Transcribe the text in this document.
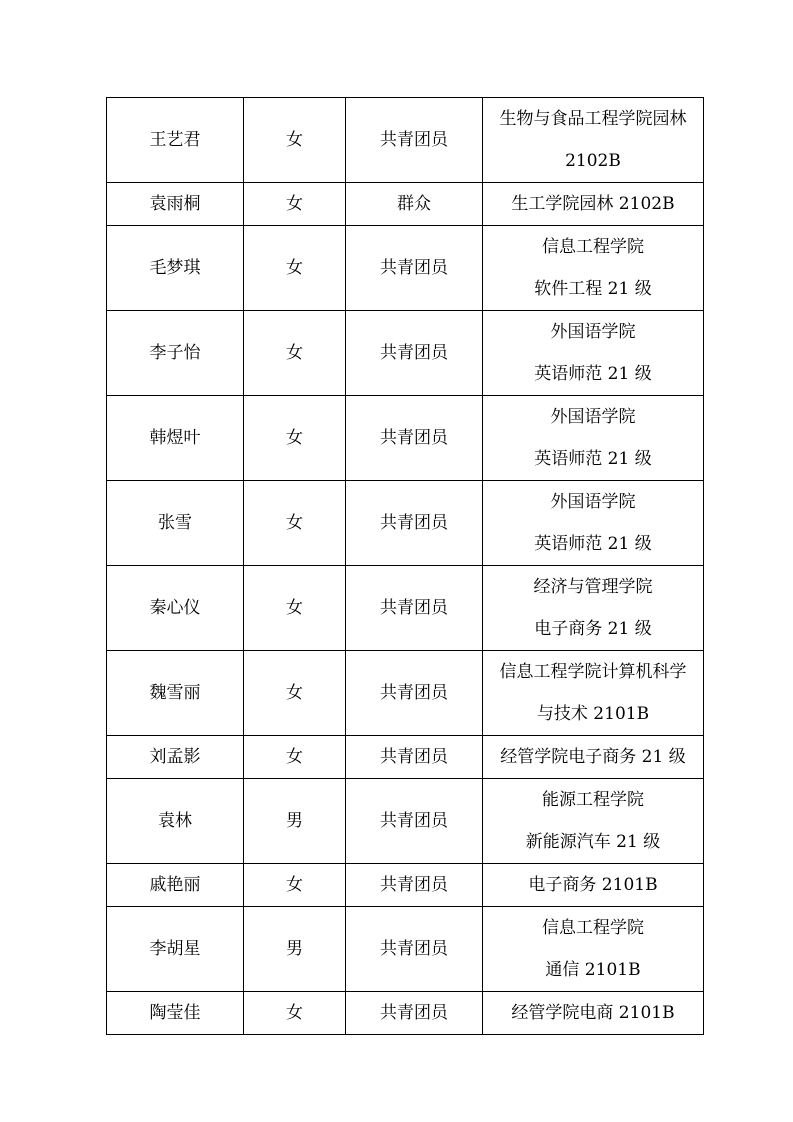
王艺君	女	共青团员	生物与食品工程学院园林
2102B

袁雨桐	女	群众	生工学院园林 2102B

毛梦琪	女	共青团员	信息工程学院
软件工程 21 级

李子怡	女	共青团员	外国语学院
英语师范 21 级

韩煜叶	女	共青团员	外国语学院
英语师范 21 级

张雪	女	共青团员	外国语学院
英语师范 21 级

秦心仪	女	共青团员	经济与管理学院
电子商务 21 级

魏雪丽	女	共青团员	信息工程学院计算机科学
与技术 2101B

刘孟影	女	共青团员	经管学院电子商务 21 级

袁林	男	共青团员	能源工程学院
新能源汽车 21 级

戚艳丽	女	共青团员	电子商务 2101B

李胡星	男	共青团员	信息工程学院
通信 2101B

陶莹佳	女	共青团员	经管学院电商 2101B
